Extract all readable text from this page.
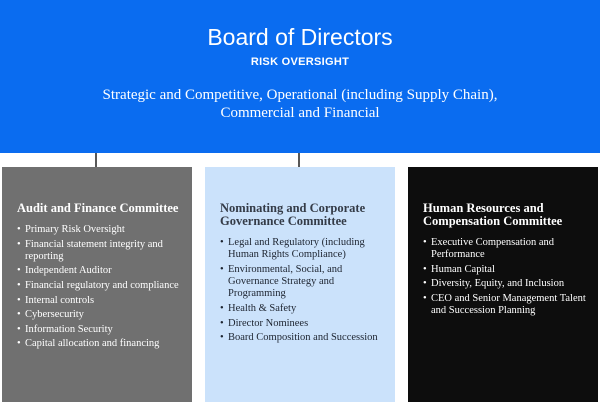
Board of Directors
RISK OVERSIGHT
Strategic and Competitive, Operational (including Supply Chain), Commercial and Financial
Audit and Finance Committee
• Primary Risk Oversight
• Financial statement integrity and reporting
• Independent Auditor
• Financial regulatory and compliance
• Internal controls
• Cybersecurity
• Information Security
• Capital allocation and financing
Nominating and Corporate Governance Committee
• Legal and Regulatory (including Human Rights Compliance)
• Environmental, Social, and Governance Strategy and Programming
• Health & Safety
• Director Nominees
• Board Composition and Succession
Human Resources and Compensation Committee
• Executive Compensation and Performance
• Human Capital
• Diversity, Equity, and Inclusion
• CEO and Senior Management Talent and Succession Planning
